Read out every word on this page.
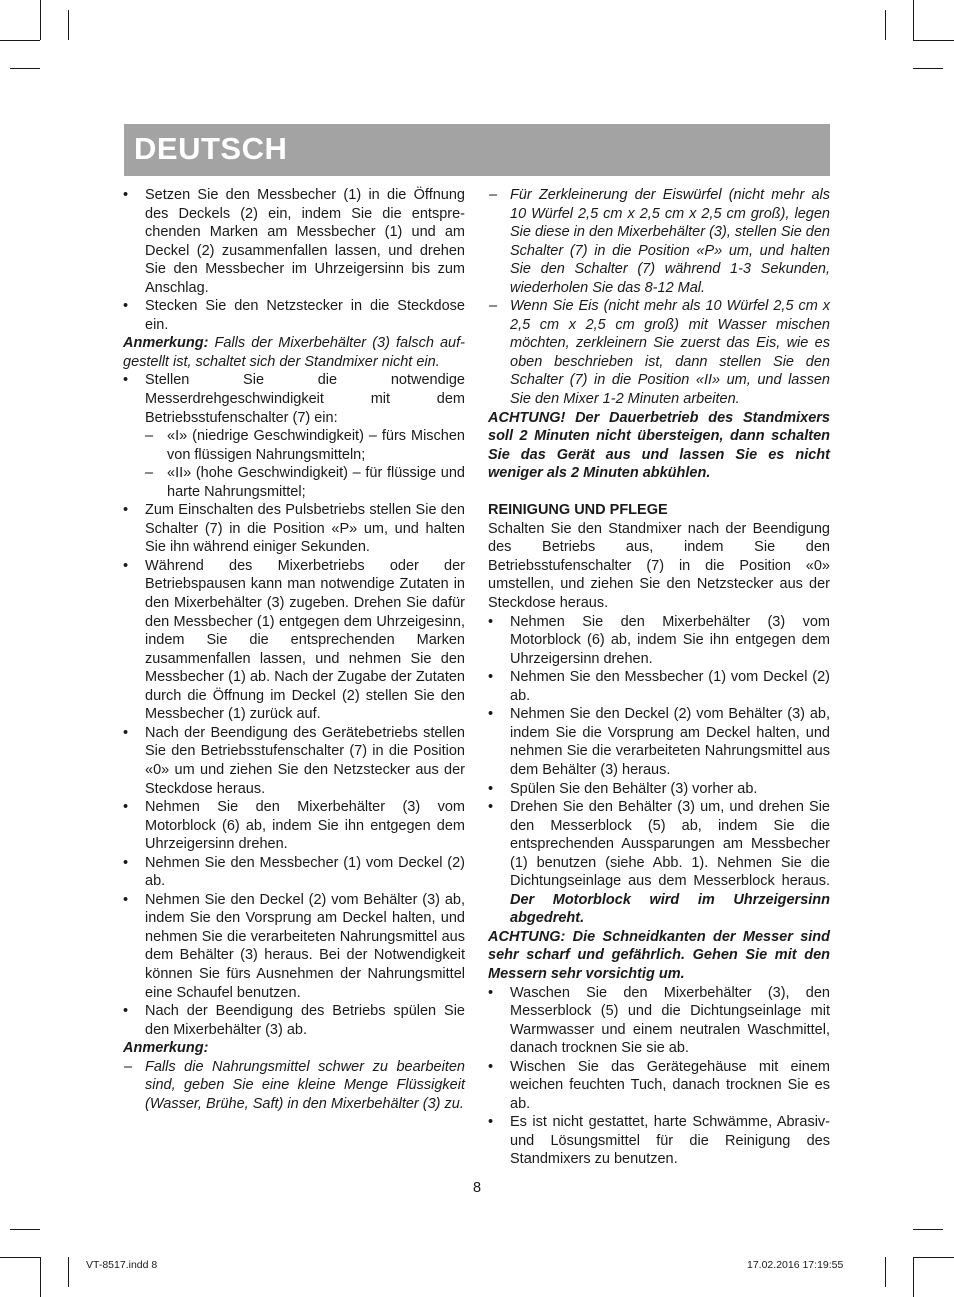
DEUTSCH
• Setzen Sie den Messbecher (1) in die Öffnung des Deckels (2) ein, indem Sie die entsprechenden Marken am Messbecher (1) und am Deckel (2) zusammenfallen lassen, und drehen Sie den Messbecher im Uhrzeigersinn bis zum Anschlag.
• Stecken Sie den Netzstecker in die Steckdose ein.

Anmerkung: Falls der Mixerbehälter (3) falsch aufgestellt ist, schaltet sich der Standmixer nicht ein.

• Stellen Sie die notwendige Messerdrehgeschwindigkeit mit dem Betriebsstufenschalter (7) ein:
– «I» (niedrige Geschwindigkeit) – fürs Mischen von flüssigen Nahrungsmitteln;
– «II» (hohe Geschwindigkeit) – für flüssige und harte Nahrungsmittel;
• Zum Einschalten des Pulsbetriebs stellen Sie den Schalter (7) in die Position «P» um, und halten Sie ihn während einiger Sekunden.
• Während des Mixerbetriebs oder der Betriebspausen kann man notwendige Zutaten in den Mixerbehälter (3) zugeben. Drehen Sie dafür den Messbecher (1) entgegen dem Uhrzeigesinn, indem Sie die entsprechenden Marken zusammenfallen lassen, und nehmen Sie den Messbecher (1) ab. Nach der Zugabe der Zutaten durch die Öffnung im Deckel (2) stellen Sie den Messbecher (1) zurück auf.
• Nach der Beendigung des Gerätebetriebs stellen Sie den Betriebsstufenschalter (7) in die Position «0» um und ziehen Sie den Netzstecker aus der Steckdose heraus.
• Nehmen Sie den Mixerbehälter (3) vom Motorblock (6) ab, indem Sie ihn entgegen dem Uhrzeigersinn drehen.
• Nehmen Sie den Messbecher (1) vom Deckel (2) ab.
• Nehmen Sie den Deckel (2) vom Behälter (3) ab, indem Sie den Vorsprung am Deckel halten, und nehmen Sie die verarbeiteten Nahrungsmittel aus dem Behälter (3) heraus. Bei der Notwendigkeit können Sie fürs Ausnehmen der Nahrungsmittel eine Schaufel benutzen.
• Nach der Beendigung des Betriebs spülen Sie den Mixerbehälter (3) ab.

Anmerkung:

– Falls die Nahrungsmittel schwer zu bearbeiten sind, geben Sie eine kleine Menge Flüssigkeit (Wasser, Brühe, Saft) in den Mixerbehälter (3) zu.
– Für Zerkleinerung der Eiswürfel (nicht mehr als 10 Würfel 2,5 cm x 2,5 cm x 2,5 cm groß), legen Sie diese in den Mixerbehälter (3), stellen Sie den Schalter (7) in die Position «P» um, und halten Sie den Schalter (7) während 1-3 Sekunden, wiederholen Sie das 8-12 Mal.
– Wenn Sie Eis (nicht mehr als 10 Würfel 2,5 cm x 2,5 cm x 2,5 cm groß) mit Wasser mischen möchten, zerkleinern Sie zuerst das Eis, wie es oben beschrieben ist, dann stellen Sie den Schalter (7) in die Position «II» um, und lassen Sie den Mixer 1-2 Minuten arbeiten.

ACHTUNG! Der Dauerbetrieb des Standmixers soll 2 Minuten nicht übersteigen, dann schalten Sie das Gerät aus und lassen Sie es nicht weniger als 2 Minuten abkühlen.

REINIGUNG UND PFLEGE

Schalten Sie den Standmixer nach der Beendigung des Betriebs aus, indem Sie den Betriebsstufenschalter (7) in die Position «0» umstellen, und ziehen Sie den Netzstecker aus der Steckdose heraus.

• Nehmen Sie den Mixerbehälter (3) vom Motorblock (6) ab, indem Sie ihn entgegen dem Uhrzeigersinn drehen.
• Nehmen Sie den Messbecher (1) vom Deckel (2) ab.
• Nehmen Sie den Deckel (2) vom Behälter (3) ab, indem Sie die Vorsprung am Deckel halten, und nehmen Sie die verarbeiteten Nahrungsmittel aus dem Behälter (3) heraus.
• Spülen Sie den Behälter (3) vorher ab.
• Drehen Sie den Behälter (3) um, und drehen Sie den Messerblock (5) ab, indem Sie die entsprechenden Aussparungen am Messbecher (1) benutzen (siehe Abb. 1). Nehmen Sie die Dichtungseinlage aus dem Messerblock heraus. Der Motorblock wird im Uhrzeigersinn abgedreht.

ACHTUNG: Die Schneidkanten der Messer sind sehr scharf und gefährlich. Gehen Sie mit den Messern sehr vorsichtig um.

• Waschen Sie den Mixerbehälter (3), den Messerblock (5) und die Dichtungseinlage mit Warmwasser und einem neutralen Waschmittel, danach trocknen Sie sie ab.
• Wischen Sie das Gerätegehäuse mit einem weichen feuchten Tuch, danach trocknen Sie es ab.
• Es ist nicht gestattet, harte Schwämme, Abrasiv- und Lösungsmittel für die Reinigung des Standmixers zu benutzen.
8
VT-8517.indd 8	17.02.2016 17:19:55
